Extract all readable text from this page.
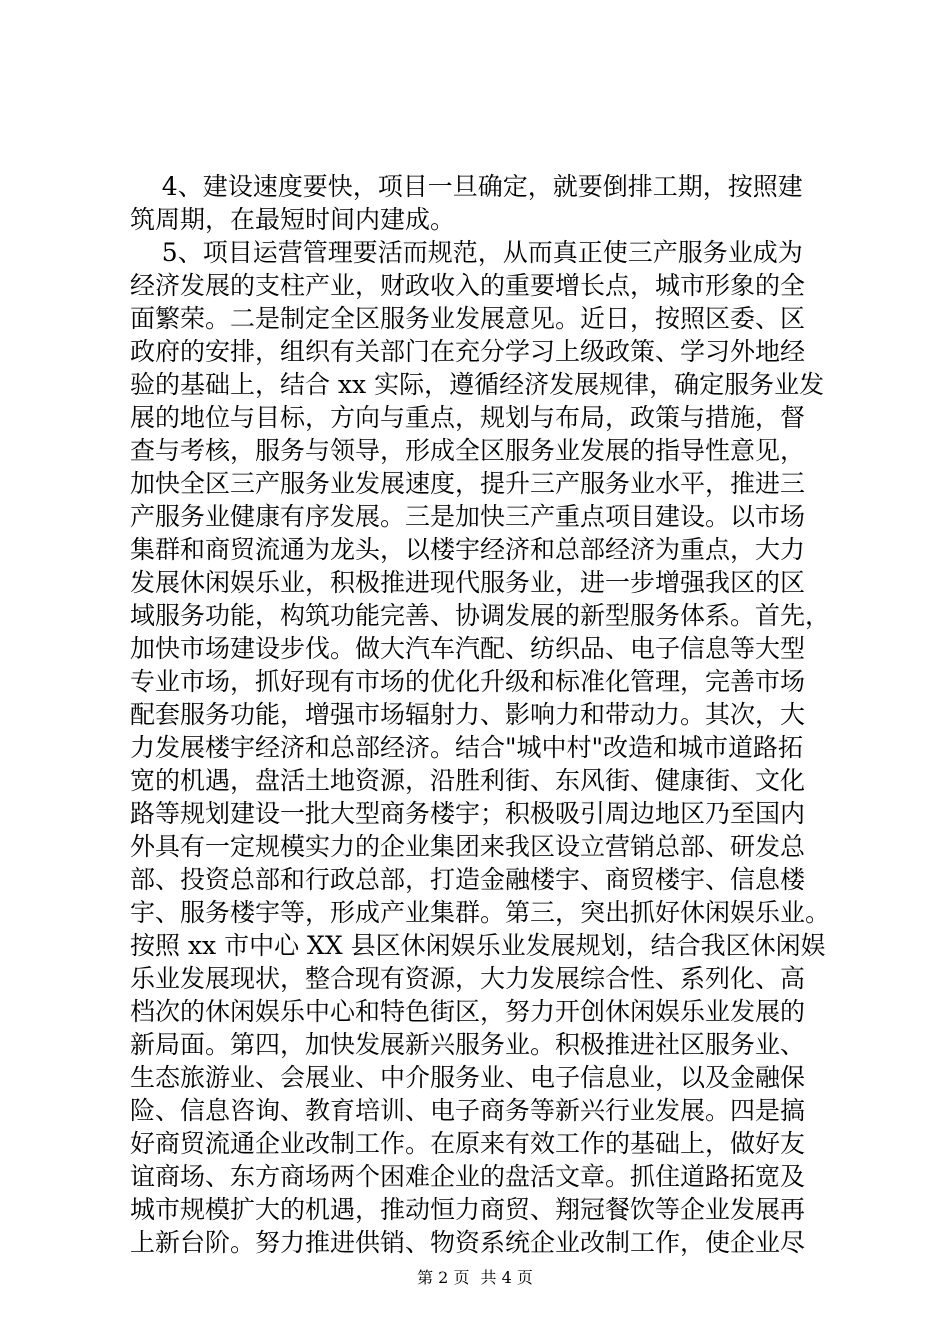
4、建设速度要快，项目一旦确定，就要倒排工期，按照建
筑周期，在最短时间内建成。
5、项目运营管理要活而规范，从而真正使三产服务业成为
经济发展的支柱产业，财政收入的重要增长点，城市形象的全
面繁荣。二是制定全区服务业发展意见。近日，按照区委、区
政府的安排，组织有关部门在充分学习上级政策、学习外地经
验的基础上，结合 xx 实际，遵循经济发展规律，确定服务业发
展的地位与目标，方向与重点，规划与布局，政策与措施，督
查与考核，服务与领导，形成全区服务业发展的指导性意见，
加快全区三产服务业发展速度，提升三产服务业水平，推进三
产服务业健康有序发展。三是加快三产重点项目建设。以市场
集群和商贸流通为龙头，以楼宇经济和总部经济为重点，大力
发展休闲娱乐业，积极推进现代服务业，进一步增强我区的区
域服务功能，构筑功能完善、协调发展的新型服务体系。首先，
加快市场建设步伐。做大汽车汽配、纺织品、电子信息等大型
专业市场，抓好现有市场的优化升级和标准化管理，完善市场
配套服务功能，增强市场辐射力、影响力和带动力。其次，大
力发展楼宇经济和总部经济。结合"城中村"改造和城市道路拓
宽的机遇，盘活土地资源，沿胜利街、东风街、健康街、文化
路等规划建设一批大型商务楼宇；积极吸引周边地区乃至国内
外具有一定规模实力的企业集团来我区设立营销总部、研发总
部、投资总部和行政总部，打造金融楼宇、商贸楼宇、信息楼
宇、服务楼宇等，形成产业集群。第三，突出抓好休闲娱乐业。
按照 xx 市中心 XX 县区休闲娱乐业发展规划，结合我区休闲娱
乐业发展现状，整合现有资源，大力发展综合性、系列化、高
档次的休闲娱乐中心和特色街区，努力开创休闲娱乐业发展的
新局面。第四，加快发展新兴服务业。积极推进社区服务业、
生态旅游业、会展业、中介服务业、电子信息业，以及金融保
险、信息咨询、教育培训、电子商务等新兴行业发展。四是搞
好商贸流通企业改制工作。在原来有效工作的基础上，做好友
谊商场、东方商场两个困难企业的盘活文章。抓住道路拓宽及
城市规模扩大的机遇，推动恒力商贸、翔冠餐饮等企业发展再
上新台阶。努力推进供销、物资系统企业改制工作，使企业尽
第 2 页 共 4 页
